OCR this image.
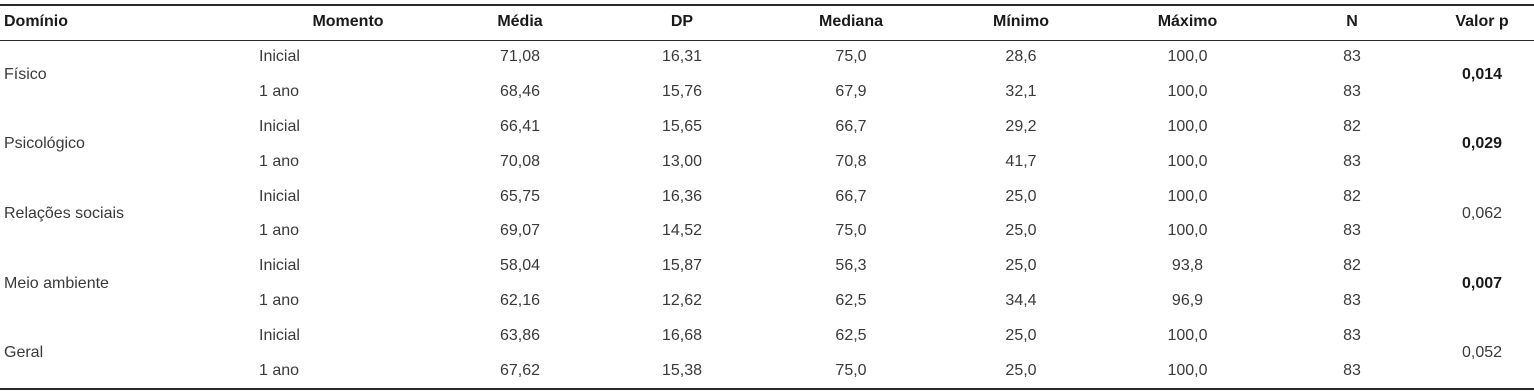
Domínio	Momento	Média	DP	Mediana	Mínimo	Máximo	N	Valor p
Físico	Inicial	71,08	16,31	75,0	28,6	100,0	83	0,014
	1 ano	68,46	15,76	67,9	32,1	100,0	83	
Psicológico	Inicial	66,41	15,65	66,7	29,2	100,0	82	0,029
	1 ano	70,08	13,00	70,8	41,7	100,0	83	
Relações sociais	Inicial	65,75	16,36	66,7	25,0	100,0	82	0,062
	1 ano	69,07	14,52	75,0	25,0	100,0	83	
Meio ambiente	Inicial	58,04	15,87	56,3	25,0	93,8	82	0,007
	1 ano	62,16	12,62	62,5	34,4	96,9	83	
Geral	Inicial	63,86	16,68	62,5	25,0	100,0	83	0,052
	1 ano	67,62	15,38	75,0	25,0	100,0	83	
